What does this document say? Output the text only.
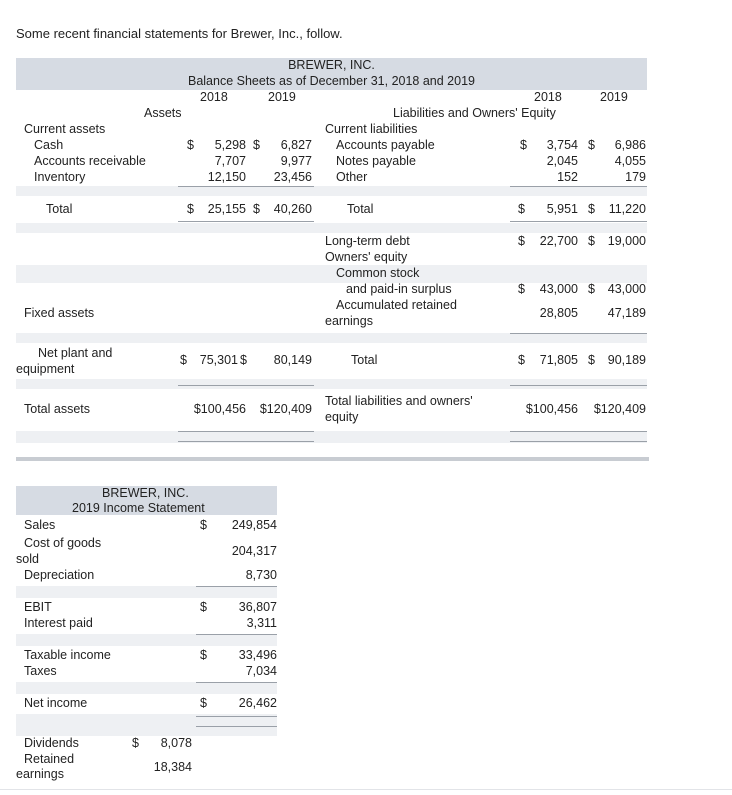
Some recent financial statements for Brewer, Inc., follow.
BREWER, INC.
Balance Sheets as of December 31, 2018 and 2019
2018	2019	2018	2019
Assets	Liabilities and Owners' Equity
Current assets
Cash	$	5,298 $	6,827
Accounts receivable	7,707	9,977
Inventory	12,150	23,456
Total	$	25,155 $	40,260
Fixed assets
Net plant and
equipment
$	75,301 $	80,149
Total assets	$100,456	$120,409
Current liabilities
Accounts payable	$	3,754 $	6,986
Notes payable	2,045	4,055
Other	152	179
Total	$	5,951 $	11,220
Long-term debt	$	22,700 $	19,000
Owners' equity
Common stock
and paid-in surplus	$	43,000 $	43,000
Accumulated retained
earnings
28,805	47,189
Total	$	71,805 $	90,189
Total liabilities and owners'
equity
$100,456	$120,409
BREWER, INC.
2019 Income Statement
Sales	$	249,854
Cost of goods
sold
204,317
Depreciation	8,730
EBIT	$	36,807
Interest paid	3,311
Taxable income	$	33,496
Taxes	7,034
Net income	$	26,462
Dividends	$	8,078
Retained
earnings	18,384
